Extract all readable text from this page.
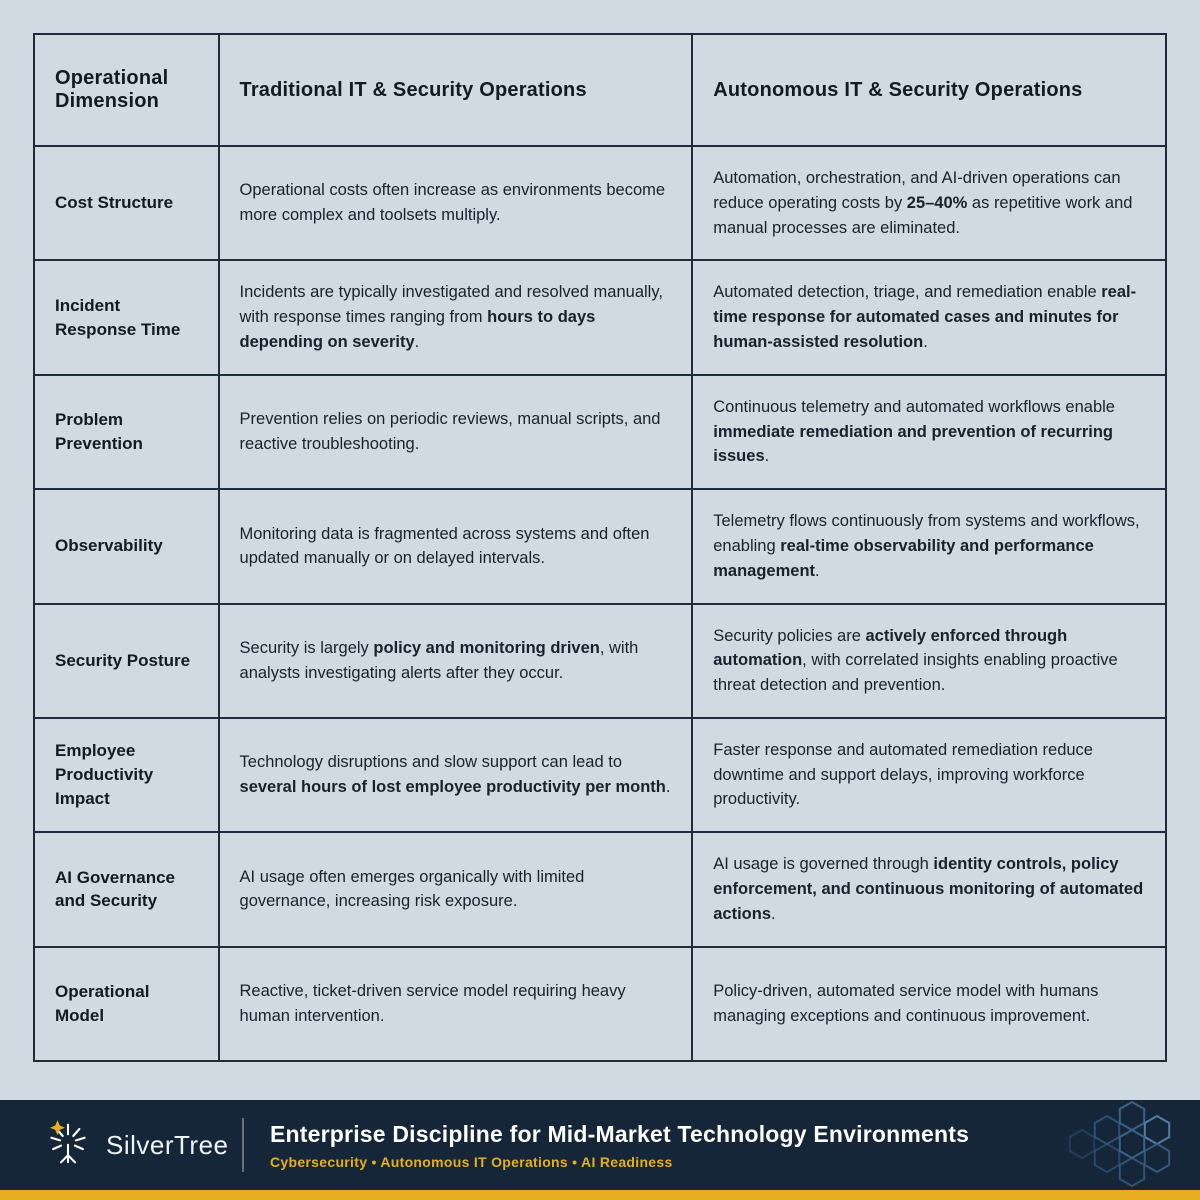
Operational Dimension	Traditional IT & Security Operations	Autonomous IT & Security Operations
Cost Structure	Operational costs often increase as environments become more complex and toolsets multiply.	Automation, orchestration, and AI-driven operations can reduce operating costs by 25–40% as repetitive work and manual processes are eliminated.
Incident Response Time	Incidents are typically investigated and resolved manually, with response times ranging from hours to days depending on severity.	Automated detection, triage, and remediation enable real-time response for automated cases and minutes for human-assisted resolution.
Problem Prevention	Prevention relies on periodic reviews, manual scripts, and reactive troubleshooting.	Continuous telemetry and automated workflows enable immediate remediation and prevention of recurring issues.
Observability	Monitoring data is fragmented across systems and often updated manually or on delayed intervals.	Telemetry flows continuously from systems and workflows, enabling real-time observability and performance management.
Security Posture	Security is largely policy and monitoring driven, with analysts investigating alerts after they occur.	Security policies are actively enforced through automation, with correlated insights enabling proactive threat detection and prevention.
Employee Productivity Impact	Technology disruptions and slow support can lead to several hours of lost employee productivity per month.	Faster response and automated remediation reduce downtime and support delays, improving workforce productivity.
AI Governance and Security	AI usage often emerges organically with limited governance, increasing risk exposure.	AI usage is governed through identity controls, policy enforcement, and continuous monitoring of automated actions.
Operational Model	Reactive, ticket-driven service model requiring heavy human intervention.	Policy-driven, automated service model with humans managing exceptions and continuous improvement.
SilverTree Enterprise Discipline for Mid-Market Technology Environments
Cybersecurity • Autonomous IT Operations • AI Readiness
